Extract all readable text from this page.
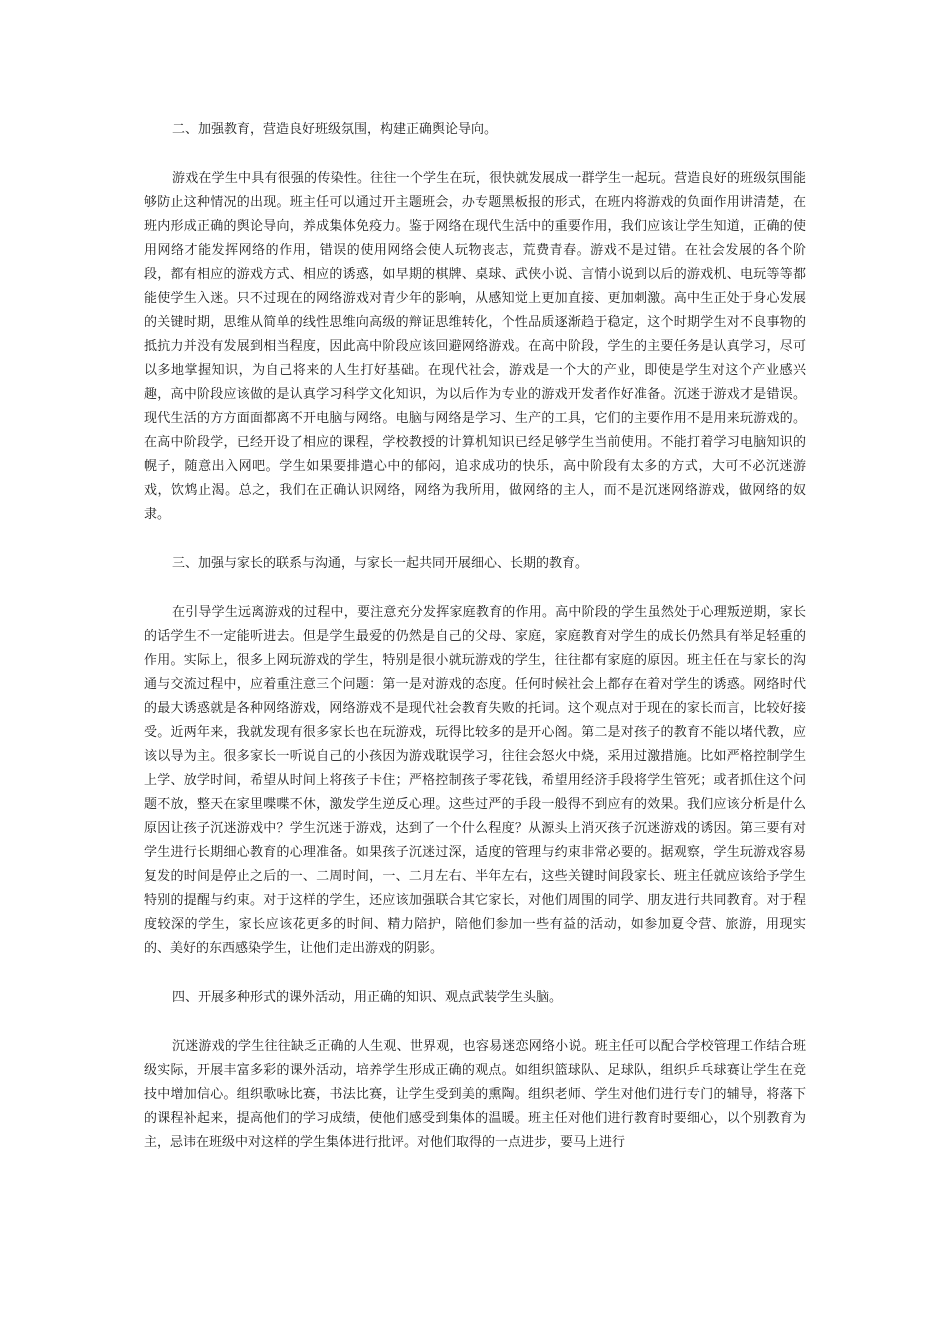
二、加强教育，营造良好班级氛围，构建正确舆论导向。

游戏在学生中具有很强的传染性。往往一个学生在玩，很快就发展成一群学生一起玩。营造良好的班级氛围能够防止这种情况的出现。班主任可以通过开主题班会，办专题黑板报的形式，在班内将游戏的负面作用讲清楚，在班内形成正确的舆论导向，养成集体免疫力。鉴于网络在现代生活中的重要作用，我们应该让学生知道，正确的使用网络才能发挥网络的作用，错误的使用网络会使人玩物丧志，荒费青春。游戏不是过错。在社会发展的各个阶段，都有相应的游戏方式、相应的诱惑，如早期的棋牌、桌球、武侠小说、言情小说到以后的游戏机、电玩等等都能使学生入迷。只不过现在的网络游戏对青少年的影响，从感知觉上更加直接、更加刺激。高中生正处于身心发展的关键时期，思维从简单的线性思维向高级的辩证思维转化，个性品质逐渐趋于稳定，这个时期学生对不良事物的抵抗力并没有发展到相当程度，因此高中阶段应该回避网络游戏。在高中阶段，学生的主要任务是认真学习，尽可以多地掌握知识，为自己将来的人生打好基础。在现代社会，游戏是一个大的产业，即使是学生对这个产业感兴趣，高中阶段应该做的是认真学习科学文化知识，为以后作为专业的游戏开发者作好准备。沉迷于游戏才是错误。现代生活的方方面面都离不开电脑与网络。电脑与网络是学习、生产的工具，它们的主要作用不是用来玩游戏的。在高中阶段学，已经开设了相应的课程，学校教授的计算机知识已经足够学生当前使用。不能打着学习电脑知识的幌子，随意出入网吧。学生如果要排遣心中的郁闷，追求成功的快乐，高中阶段有太多的方式，大可不必沉迷游戏，饮鸩止渴。总之，我们在正确认识网络，网络为我所用，做网络的主人，而不是沉迷网络游戏，做网络的奴隶。

三、加强与家长的联系与沟通，与家长一起共同开展细心、长期的教育。

在引导学生远离游戏的过程中，要注意充分发挥家庭教育的作用。高中阶段的学生虽然处于心理叛逆期，家长的话学生不一定能听进去。但是学生最爱的仍然是自己的父母、家庭，家庭教育对学生的成长仍然具有举足轻重的作用。实际上，很多上网玩游戏的学生，特别是很小就玩游戏的学生，往往都有家庭的原因。班主任在与家长的沟通与交流过程中，应着重注意三个问题：第一是对游戏的态度。任何时候社会上都存在着对学生的诱惑。网络时代的最大诱惑就是各种网络游戏，网络游戏不是现代社会教育失败的托词。这个观点对于现在的家长而言，比较好接受。近两年来，我就发现有很多家长也在玩游戏，玩得比较多的是开心阁。第二是对孩子的教育不能以堵代教，应该以导为主。很多家长一听说自己的小孩因为游戏耽误学习，往往会怒火中烧，采用过激措施。比如严格控制学生上学、放学时间，希望从时间上将孩子卡住；严格控制孩子零花钱，希望用经济手段将学生管死；或者抓住这个问题不放，整天在家里喋喋不休，激发学生逆反心理。这些过严的手段一般得不到应有的效果。我们应该分析是什么原因让孩子沉迷游戏中？学生沉迷于游戏，达到了一个什么程度？从源头上消灭孩子沉迷游戏的诱因。第三要有对学生进行长期细心教育的心理准备。如果孩子沉迷过深，适度的管理与约束非常必要的。据观察，学生玩游戏容易复发的时间是停止之后的一、二周时间，一、二月左右、半年左右，这些关键时间段家长、班主任就应该给予学生特别的提醒与约束。对于这样的学生，还应该加强联合其它家长，对他们周围的同学、朋友进行共同教育。对于程度较深的学生，家长应该花更多的时间、精力陪护，陪他们参加一些有益的活动，如参加夏令营、旅游，用现实的、美好的东西感染学生，让他们走出游戏的阴影。

四、开展多种形式的课外活动，用正确的知识、观点武装学生头脑。

沉迷游戏的学生往往缺乏正确的人生观、世界观，也容易迷恋网络小说。班主任可以配合学校管理工作结合班级实际，开展丰富多彩的课外活动，培养学生形成正确的观点。如组织篮球队、足球队，组织乒乓球赛让学生在竞技中增加信心。组织歌咏比赛，书法比赛，让学生受到美的熏陶。组织老师、学生对他们进行专门的辅导，将落下的课程补起来，提高他们的学习成绩，使他们感受到集体的温暖。班主任对他们进行教育时要细心，以个别教育为主，忌讳在班级中对这样的学生集体进行批评。对他们取得的一点进步，要马上进行
